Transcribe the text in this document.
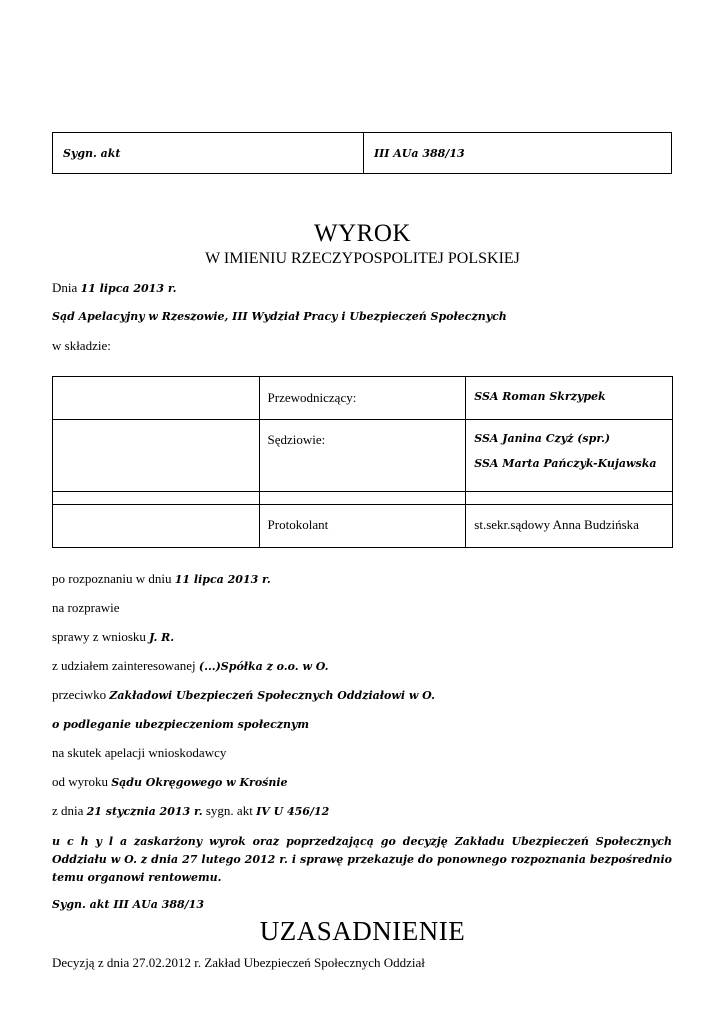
Sygn. akt	III AUa 388/13
WYROK
W IMIENIU RZECZYPOSPOLITEJ POLSKIEJ
Dnia 11 lipca 2013 r.
Sąd Apelacyjny w Rzeszowie, III Wydział Pracy i Ubezpieczeń Społecznych
w składzie:
	Przewodniczący:	SSA Roman Skrzypek
	Sędziowie:	SSA Janina Czyż (spr.)
SSA Marta Pańczyk-Kujawska

	Protokolant	st.sekr.sądowy Anna Budzińska
po rozpoznaniu w dniu 11 lipca 2013 r.
na rozprawie
sprawy z wniosku J. R.
z udziałem zainteresowanej (...)Spółka z o.o. w O.
przeciwko Zakładowi Ubezpieczeń Społecznych Oddziałowi w O.
o podleganie ubezpieczeniom społecznym
na skutek apelacji wnioskodawcy
od wyroku Sądu Okręgowego w Krośnie
z dnia 21 stycznia 2013 r. sygn. akt IV U 456/12
u c h y l a zaskarżony wyrok oraz poprzedzającą go decyzję Zakładu Ubezpieczeń Społecznych Oddziału w O. z dnia 27 lutego 2012 r. i sprawę przekazuje do ponownego rozpoznania bezpośrednio temu organowi rentowemu.
Sygn. akt III AUa 388/13
UZASADNIENIE
Decyzją z dnia 27.02.2012 r. Zakład Ubezpieczeń Społecznych Oddział
